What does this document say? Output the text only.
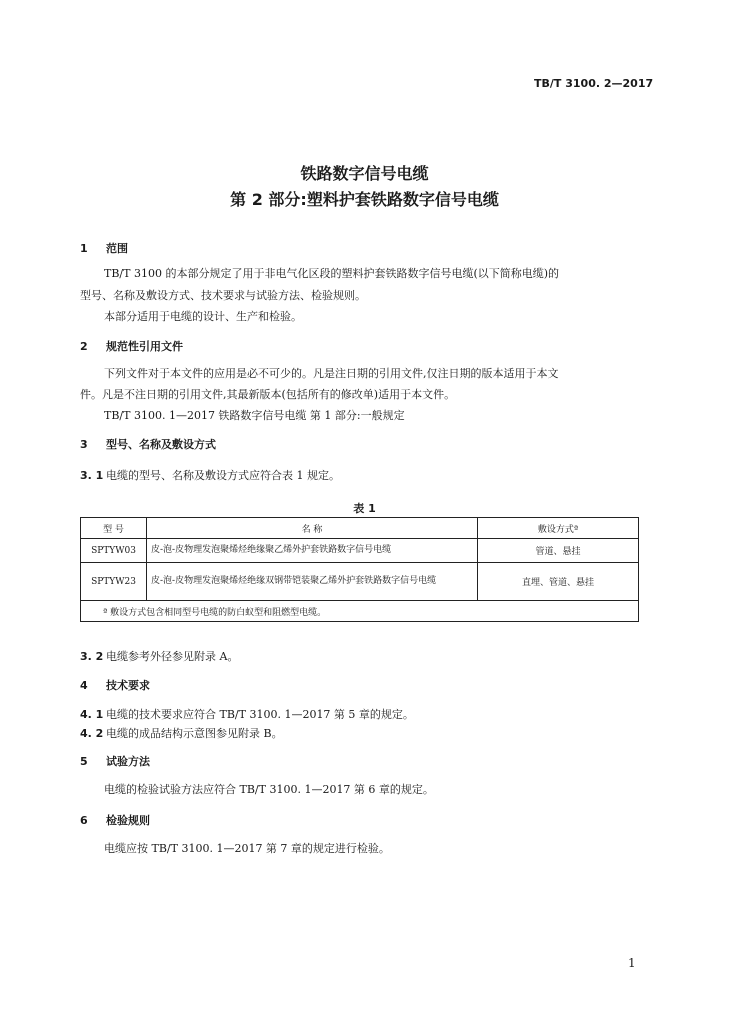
TB/T 3100. 2—2017
铁路数字信号电缆
第 2 部分:塑料护套铁路数字信号电缆
1 范围
TB/T 3100 的本部分规定了用于非电气化区段的塑料护套铁路数字信号电缆(以下简称电缆)的
型号、名称及敷设方式、技术要求与试验方法、检验规则。
本部分适用于电缆的设计、生产和检验。
2 规范性引用文件
下列文件对于本文件的应用是必不可少的。凡是注日期的引用文件,仅注日期的版本适用于本文
件。凡是不注日期的引用文件,其最新版本(包括所有的修改单)适用于本文件。
TB/T 3100. 1—2017 铁路数字信号电缆 第 1 部分:一般规定
3 型号、名称及敷设方式
3. 1 电缆的型号、名称及敷设方式应符合表 1 规定。
表 1
型 号	名 称	敷设方式ª
SPTYW03	皮-泡-皮物理发泡聚烯烃绝缘聚乙烯外护套铁路数字信号电缆	管道、悬挂
SPTYW23	皮-泡-皮物理发泡聚烯烃绝缘双钢带铠装聚乙烯外护套铁路数字信号电缆	直埋、管道、悬挂
ª 敷设方式包含相同型号电缆的防白蚁型和阻燃型电缆。		
3. 2 电缆参考外径参见附录 A。
4 技术要求
4. 1 电缆的技术要求应符合 TB/T 3100. 1—2017 第 5 章的规定。
4. 2 电缆的成品结构示意图参见附录 B。
5 试验方法
电缆的检验试验方法应符合 TB/T 3100. 1—2017 第 6 章的规定。
6 检验规则
电缆应按 TB/T 3100. 1—2017 第 7 章的规定进行检验。
1
